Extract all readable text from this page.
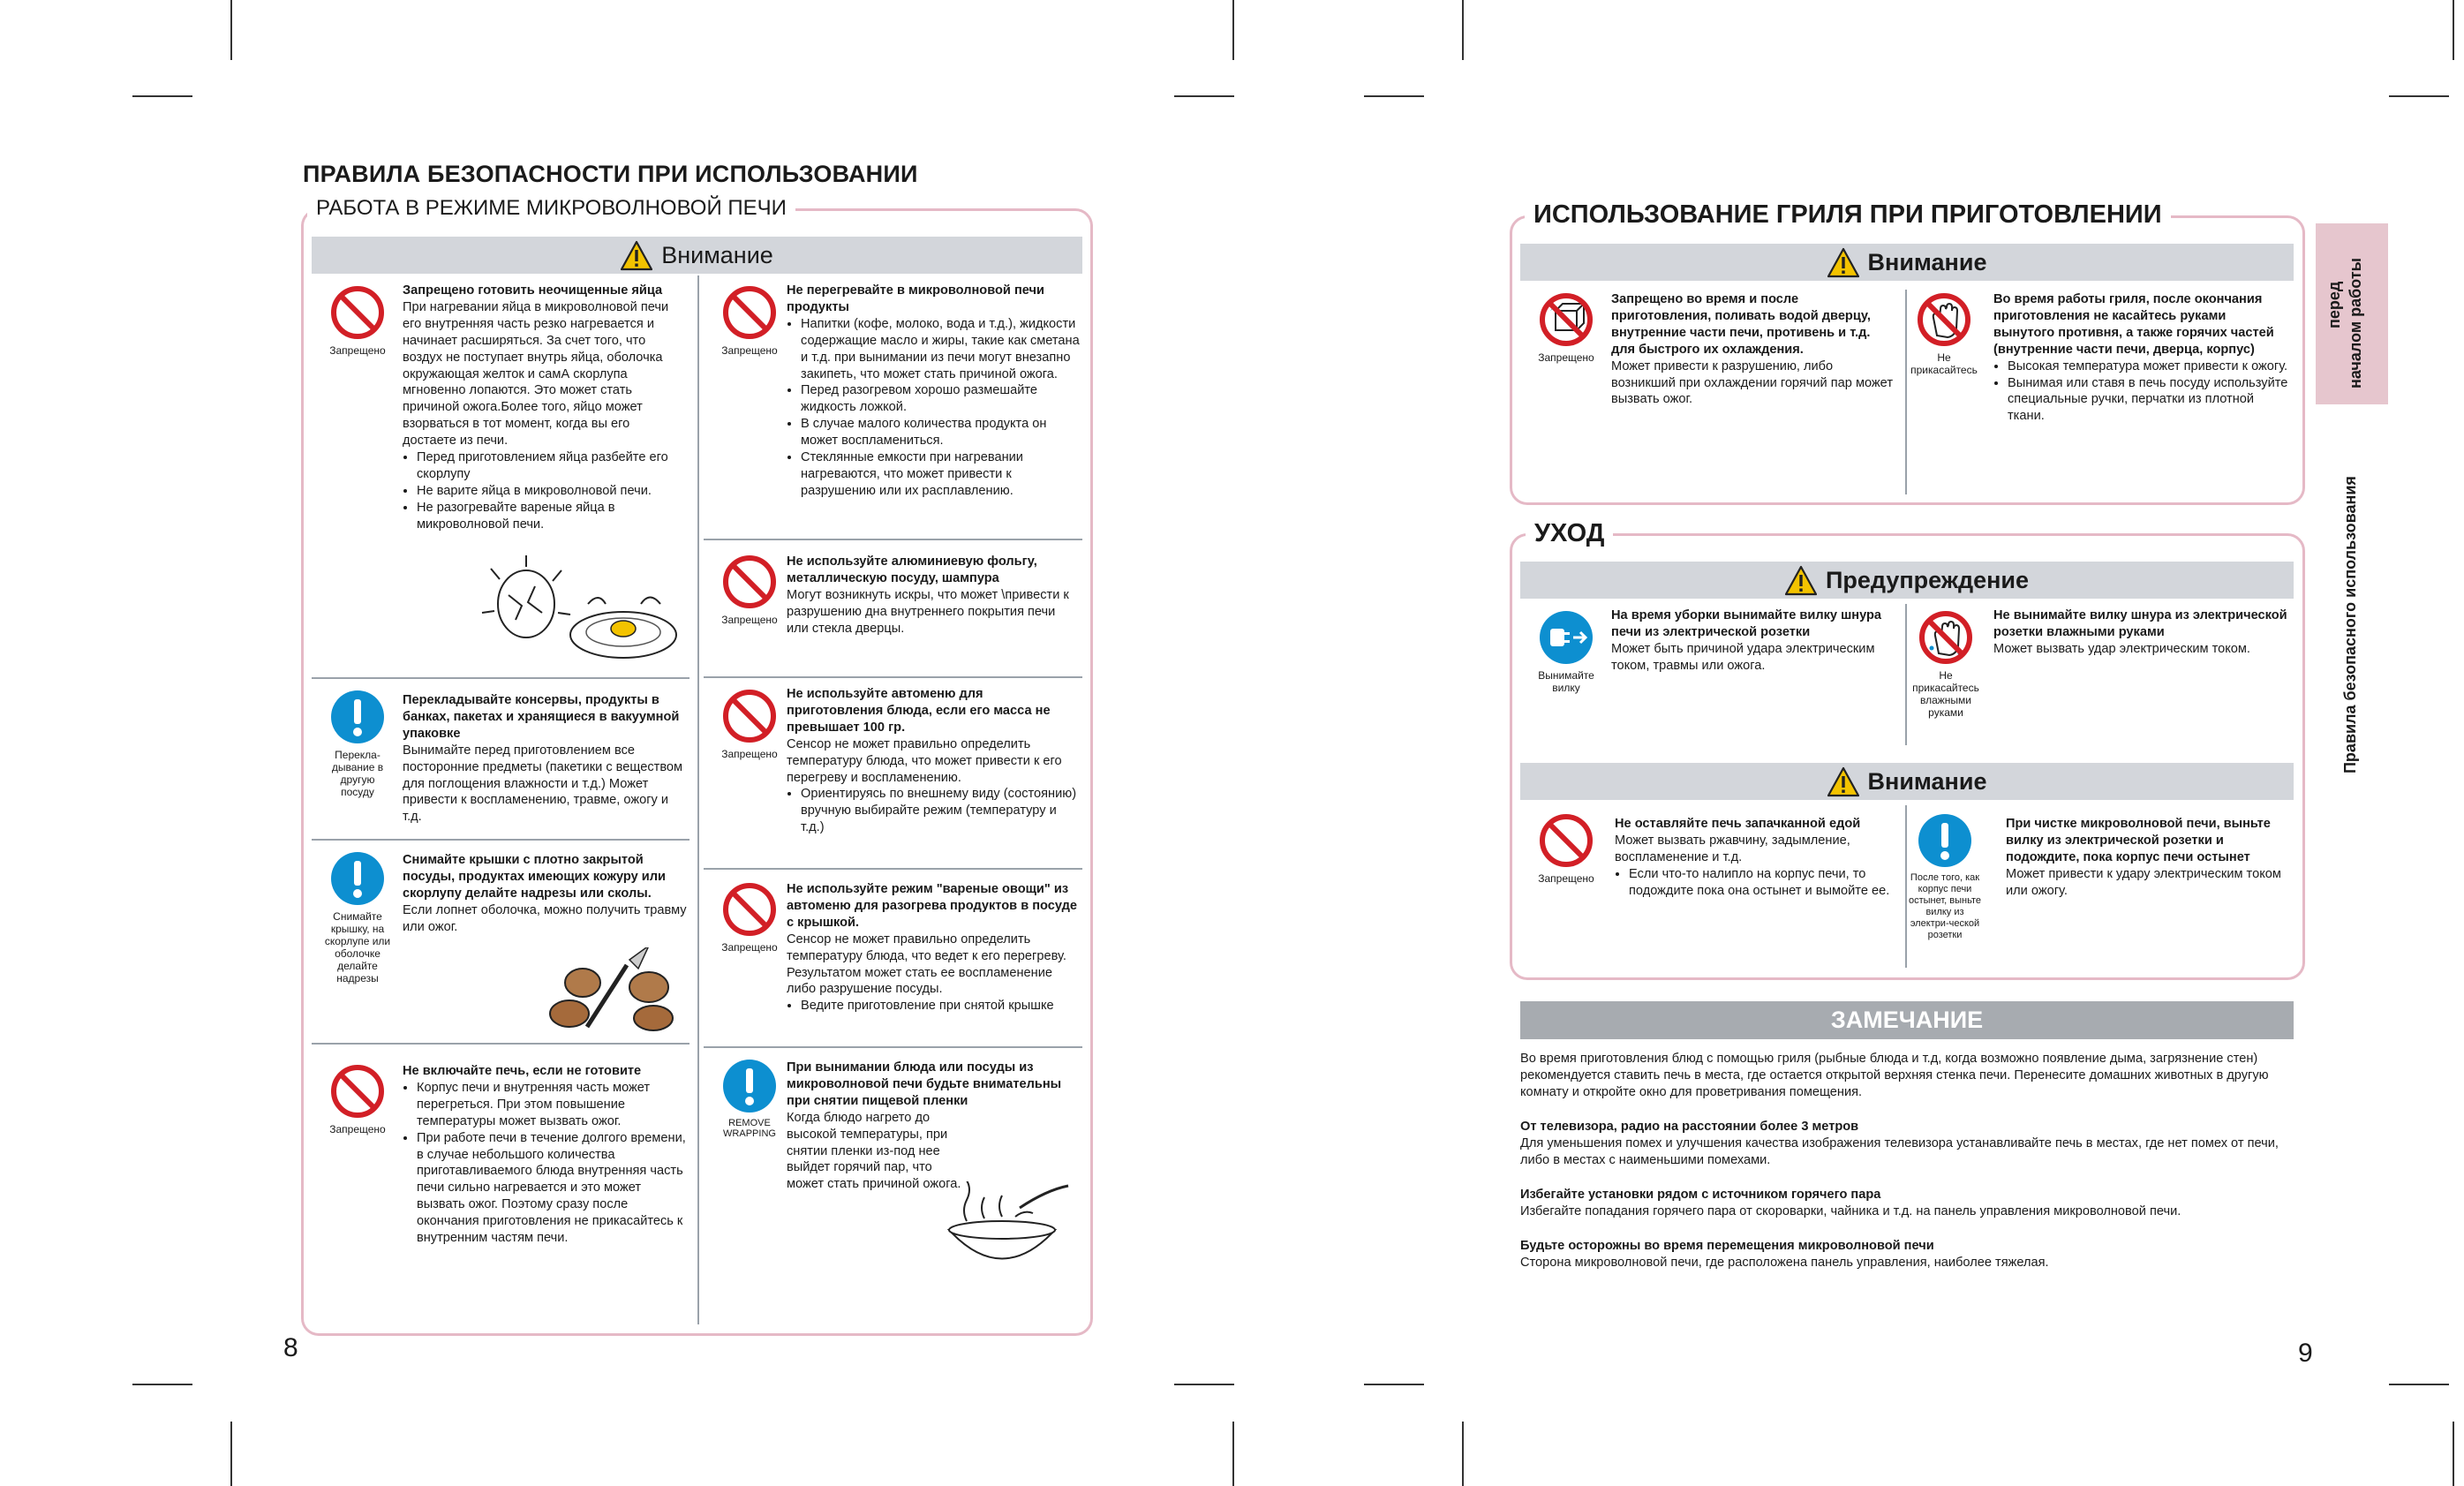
ПРАВИЛА БЕЗОПАСНОСТИ ПРИ ИСПОЛЬЗОВАНИИ
РАБОТА В РЕЖИМЕ МИКРОВОЛНОВОЙ ПЕЧИ
Внимание
Запрещено
Запрещено готовить неочищенные яйца
При нагревании яйца в микроволновой печи его внутренняя часть резко нагревается и начинает расширяться. За счет того, что воздух не поступает внутрь яйца, оболочка окружающая желток и самА скорлупа мгновенно лопаются. Это может стать причиной ожога.Более того, яйцо может взорваться в тот момент, когда вы его достаете из печи.
• Перед приготовлением яйца разбейте его скорлупу
• Не варите яйца в микроволновой печи.
• Не разогревайте вареные яйца в микроволновой печи.
Перекла-дывание в другую посуду
Перекладывайте консервы, продукты в банках, пакетах и хранящиеся в вакуумной упаковке
Вынимайте перед приготовлением все посторонние предметы (пакетики с веществом для поглощения влажности и т.д.) Может привести к воспламенению, травме, ожогу и т.д.
Снимайте крышку, на скорлупе или оболочке делайте надрезы
Снимайте крышки с плотно закрытой посуды, продуктах имеющих кожуру или скорлупу делайте надрезы или сколы.
Если лопнет оболочка, можно получить травму или ожог.
Запрещено
Не включайте печь, если не готовите
• Корпус печи и внутренняя часть может перегреться. При этом повышение температуры может вызвать ожог.
• При работе печи в течение долгого времени, в случае небольшого количества приготавливаемого блюда внутренняя часть печи сильно нагревается и это может вызвать ожог. Поэтому сразу после окончания приготовления не прикасайтесь к внутренним частям печи.
Запрещено
Не перегревайте в микроволновой печи продукты
• Напитки (кофе, молоко, вода и т.д.), жидкости содержащие масло и жиры, такие как сметана и т.д. при вынимании из печи могут внезапно закипеть, что может стать причиной ожога.
• Перед разогревом хорошо размешайте жидкость ложкой.
• В случае малого количества продукта он может воспламениться.
• Стеклянные емкости при нагревании нагреваются, что может привести к разрушению или их расплавлению.
Запрещено
Не используйте алюминиевую фольгу, металлическую посуду, шампура
Могут возникнуть искры, что может \привести к разрушению дна внутреннего покрытия печи или стекла дверцы.
Запрещено
Не используйте автоменю для приготовления блюда, если его масса не превышает 100 гр.
Сенсор не может правильно определить температуру блюда, что может привести к его перегреву и воспламенению.
• Ориентируясь по внешнему виду (состоянию) вручную выбирайте режим (температуру и т.д.)
Запрещено
Не используйте режим "вареные овощи" из автоменю для разогрева продуктов в посуде с крышкой.
Сенсор не может правильно определить температуру блюда, что ведет к его перегреву. Результатом может стать ее воспламенение либо разрушение посуды.
• Ведите приготовление при снятой крышке
REMOVE WRAPPING
При вынимании блюда или посуды из микроволновой печи будьте внимательны при снятии пищевой пленки
Когда блюдо нагрето до высокой температуры, при снятии пленки из-под нее выйдет горячий пар, что может стать причиной ожога.
8
ИСПОЛЬЗОВАНИЕ ГРИЛЯ ПРИ ПРИГОТОВЛЕНИИ
Внимание
Запрещено
Запрещено во время и после приготовления, поливать водой дверцу, внутренние части печи, противень и т.д. для быстрого их охлаждения.
Может привести к разрушению, либо возникший при охлаждении горячий пар может вызвать ожог.
Не прикасайтесь
Во время работы гриля, после окончания приготовления не касайтесь руками вынутого противня, а также горячих частей (внутренние части печи, дверца, корпус)
• Высокая температура может привести к ожогу.
• Вынимая или ставя в печь посуду используйте специальные ручки, перчатки из плотной ткани.
УХОД
Предупреждение
Вынимайте вилку
На время уборки вынимайте вилку шнура печи из электрической розетки
Может быть причиной удара электрическим током, травмы или ожога.
Не прикасайтесь влажными руками
Не вынимайте вилку шнура из электрической розетки влажными руками
Может вызвать удар электрическим током.
Внимание
Запрещено
Не оставляйте печь запачканной едой
Может вызвать ржавчину, задымление, воспламенение и т.д.
• Если что-то налипло на корпус печи, то подождите пока она остынет и вымойте ее.
После того, как корпус печи остынет, выньте вилку из электри-ческой розетки
При чистке микроволновой печи, выньте вилку из электрической розетки и подождите, пока корпус печи остынет
Может привести к удару электрическим током или ожогу.
ЗАМЕЧАНИЕ

Во время приготовления блюд с помощью гриля (рыбные блюда и т.д, когда возможно появление дыма, загрязнение стен) рекомендуется ставить печь в места, где остается открытой верхняя стенка печи. Перенесите домашних животных в другую комнату и откройте окно для проветривания помещения.

От телевизора, радио на расстоянии более 3 метров
Для уменьшения помех и улучшения качества изображения телевизора устанавливайте печь в местах, где нет помех от печи, либо в местах с наименьшими помехами.

Избегайте установки рядом с источником горячего пара
Избегайте попадания горячего пара от скороварки, чайника и т.д. на панель управления микроволновой печи.

Будьте осторожны во время перемещения микроволновой печи
Сторона микроволновой печи, где расположена панель управления, наиболее тяжелая.

перед началом работы
Правила безопасного использования
9
